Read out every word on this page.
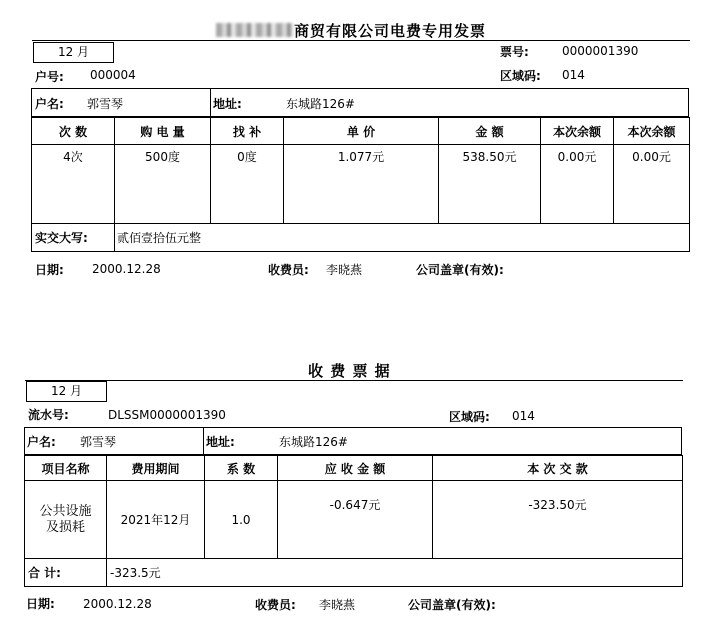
商贸有限公司电费专用发票
12 月	票号:	0000001390
户号: 000004	区域码: 014
户名: 郭雪琴	地址:	东城路126#
次 数	购 电 量	找 补	单 价	金 额	本次余额	本次余额
4次	500度	0度	1.077元	538.50元	0.00元	0.00元
实交大写:	贰佰壹拾伍元整					
日期: 2000.12.28	收费员: 李晓燕	公司盖章(有效):
收 费 票 据
12 月
流水号:	DLSSM0000001390	区域码: 014
户名: 郭雪琴	地址:	东城路126#
项目名称	费用期间	系 数	应 收 金 额	本 次 交 款

公共设施
及损耗	2021年12月	1.0	-0.647元	-323.50元
合 计:	-323.5元			
日期: 2000.12.28	收费员: 李晓燕	公司盖章(有效):
